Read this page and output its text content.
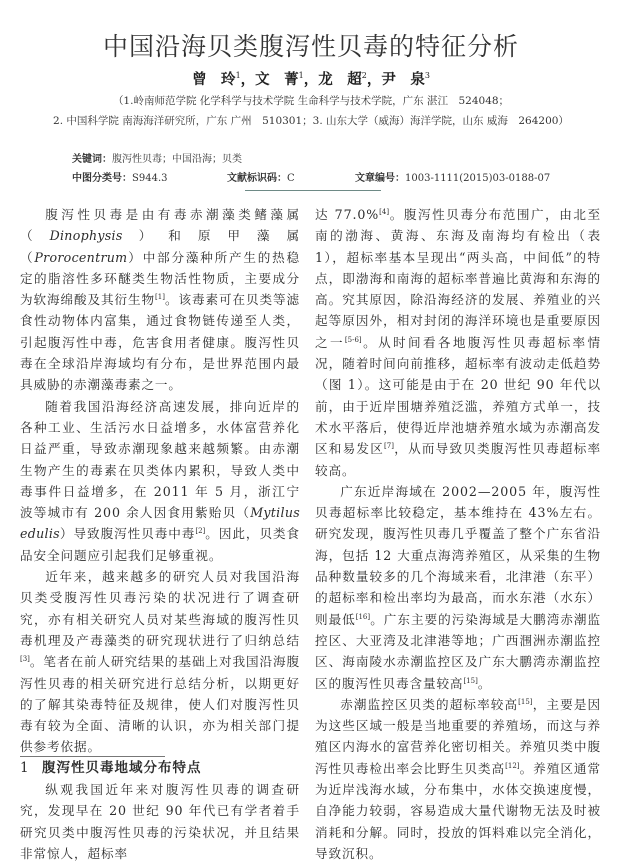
中国沿海贝类腹泻性贝毒的特征分析
曾　玲$^1$，文　菁$^1$，龙　超$^2$，尹　泉$^3$
（1.岭南师范学院 化学科学与技术学院 生命科学与技术学院，广东 湛江　524048；
2. 中国科学院 南海海洋研究所，广东 广州　510301；3. 山东大学（威海）海洋学院，山东 威海　264200）
关键词：腹泻性贝毒；中国沿海；贝类
中图分类号：S944.3	文献标识码：C	文章编号：1003-1111(2015)03-0188-07

腹泻性贝毒是由有毒赤潮藻类鳍藻属（Dinophysis）和原甲藻属（Prorocentrum）中部分藻种所产生的热稳定的脂溶性多环醚类生物活性物质，主要成分为软海绵酸及其衍生物[1]。该毒素可在贝类等滤食性动物体内富集，通过食物链传递至人类，引起腹泻性中毒，危害食用者健康。腹泻性贝毒在全球沿岸海域均有分布，是世界范围内最具威胁的赤潮藻毒素之一。

随着我国沿海经济高速发展，排向近岸的各种工业、生活污水日益增多，水体富营养化日益严重，导致赤潮现象越来越频繁。由赤潮生物产生的毒素在贝类体内累积，导致人类中毒事件日益增多，在 2011 年 5 月，浙江宁波等城市有 200 余人因食用紫贻贝（Mytilus edulis）导致腹泻性贝毒中毒[2]。因此，贝类食品安全问题应引起我们足够重视。

近年来，越来越多的研究人员对我国沿海贝类受腹泻性贝毒污染的状况进行了调查研究，亦有相关研究人员对某些海域的腹泻性贝毒机理及产毒藻类的研究现状进行了归纳总结[3]。笔者在前人研究结果的基础上对我国沿海腹泻性贝毒的相关研究进行总结分析，以期更好的了解其染毒特征及规律，使人们对腹泻性贝毒有较为全面、清晰的认识，亦为相关部门提供参考依据。

1 腹泻性贝毒地域分布特点

纵观我国近年来对腹泻性贝毒的调查研究，发现早在 20 世纪 90 年代已有学者着手研究贝类中腹泻性贝毒的污染状况，并且结果非常惊人，超标率

达 77.0%[4]。腹泻性贝毒分布范围广，由北至南的渤海、黄海、东海及南海均有检出（表 1），超标率基本呈现出“两头高，中间低”的特点，即渤海和南海的超标率普遍比黄海和东海的高。究其原因，除沿海经济的发展、养殖业的兴起等原因外，相对封闭的海洋环境也是重要原因之一[5-6]。从时间看各地腹泻性贝毒超标率情况，随着时间向前推移，超标率有波动走低趋势（图 1）。这可能是由于在 20 世纪 90 年代以前，由于近岸围塘养殖泛滥，养殖方式单一，技术水平落后，使得近岸池塘养殖水域为赤潮高发区和易发区[7]，从而导致贝类腹泻性贝毒超标率较高。

广东近岸海域在 2002—2005 年，腹泻性贝毒超标率比较稳定，基本维持在 43%左右。研究发现，腹泻性贝毒几乎覆盖了整个广东省沿海，包括 12 大重点海湾养殖区，从采集的生物品种数量较多的几个海域来看，北津港（东平）的超标率和检出率均为最高，而水东港（水东）则最低[16]。广东主要的污染海域是大鹏湾赤潮监控区、大亚湾及北津港等地；广西涠洲赤潮监控区、海南陵水赤潮监控区及广东大鹏湾赤潮监控区的腹泻性贝毒含量较高[15]。

赤潮监控区贝类的超标率较高[15]，主要是因为这些区域一般是当地重要的养殖场，而这与养殖区内海水的富营养化密切相关。养殖贝类中腹泻性贝毒检出率会比野生贝类高[12]。养殖区通常为近岸浅海水域，分布集中，水体交换速度慢，自净能力较弱，容易造成大量代谢物无法及时被消耗和分解。同时，投放的饵料难以完全消化，导致沉积。
